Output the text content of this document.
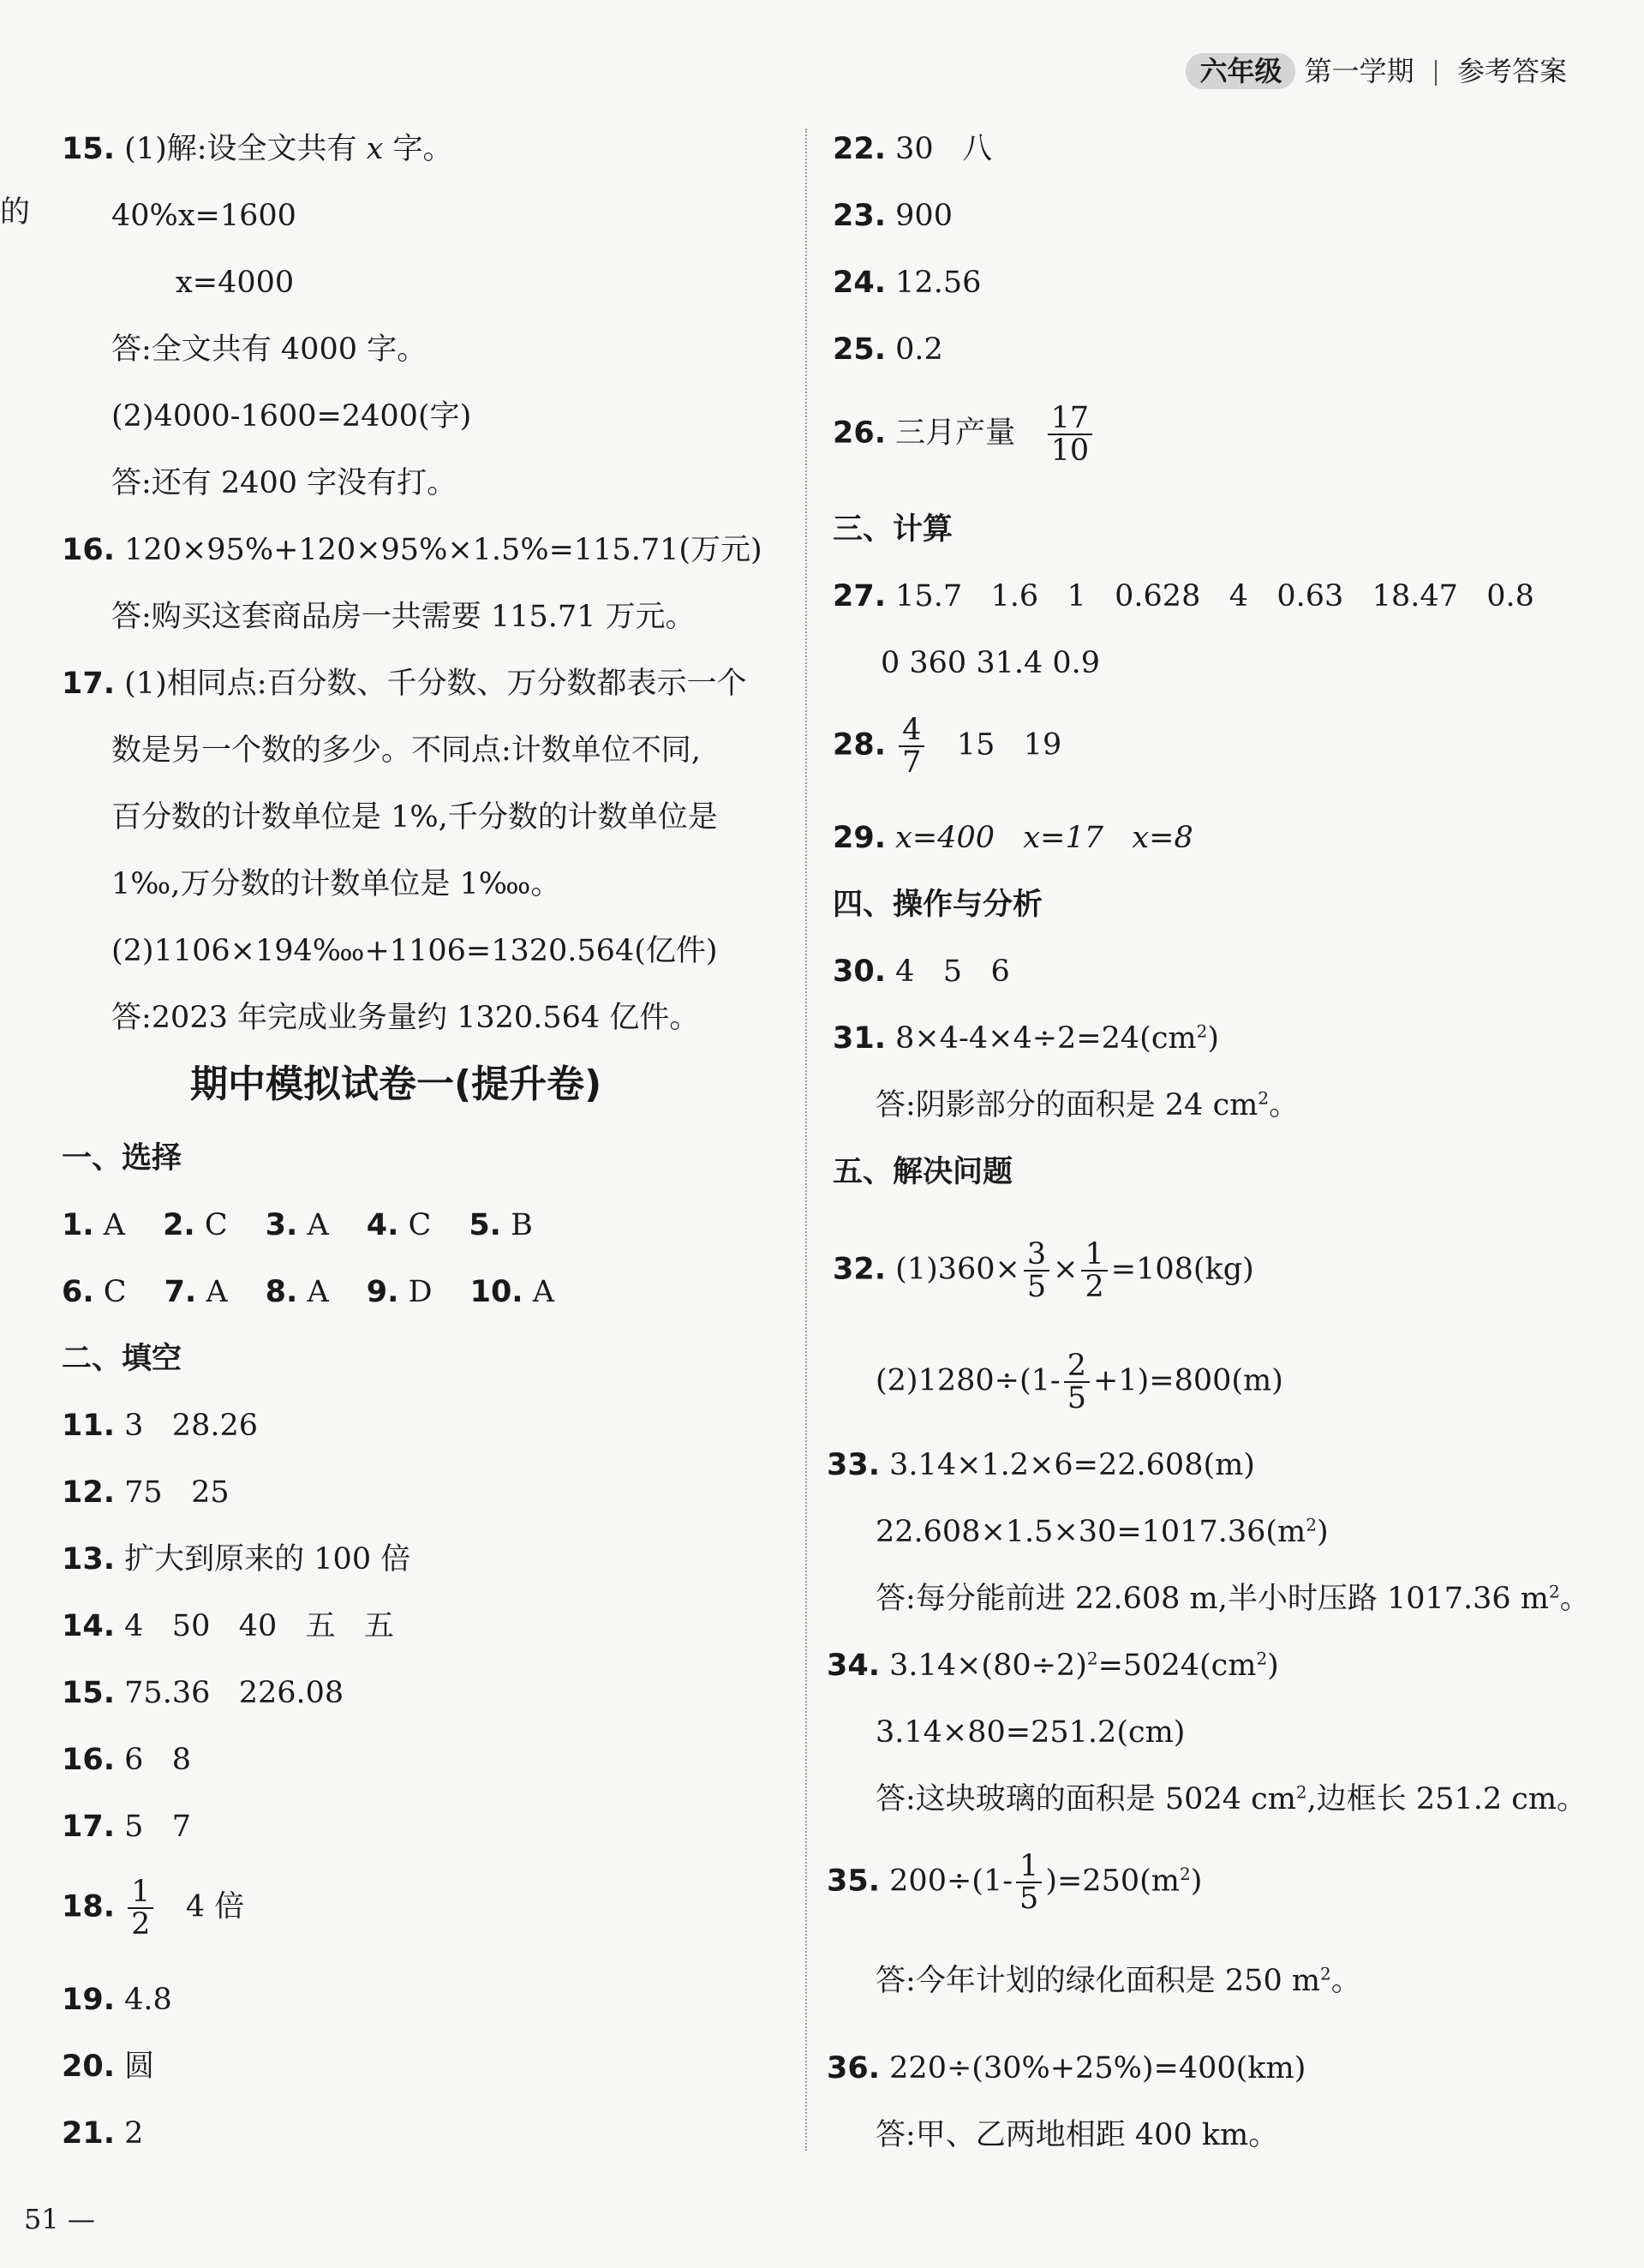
六年级 第一学期 参考答案
的
15. (1)解:设全文共有 x 字。
40%x=1600
x=4000
答:全文共有 4000 字。
(2)4000-1600=2400(字)
答:还有 2400 字没有打。
16. 120×95%+120×95%×1.5%=115.71(万元)
答:购买这套商品房一共需要 115.71 万元。
17. (1)相同点:百分数、千分数、万分数都表示一个
数是另一个数的多少。不同点:计数单位不同,
百分数的计数单位是 1%,千分数的计数单位是
1‰,万分数的计数单位是 1‱。
(2)1106×194‱+1106=1320.564(亿件)
答:2023 年完成业务量约 1320.564 亿件。
期中模拟试卷一(提升卷)
一、选择
1. A 2. C 3. A 4. C 5. B
6. C 7. A 8. A 9. D 10. A
二、填空
11. 3   28.26
12. 75   25
13. 扩大到原来的 100 倍
14. 4   50   40   五   五
15. 75.36   226.08
16. 6   8
17. 5   7
18. $\frac{1}{2} 4$ 倍
19. 4.8
20. 圆
21. 2
22. 30   八
23. 900
24. 12.56
25. 0.2
26. 三月产量 $\frac{17}{10}$
三、计算
27. 15.7   1.6   1   0.628   4   0.63   18.47   0.8
0 360 31.4 0.9
28. $\frac{4}{7} 15$   19
29. x=400   x=17   x=8
四、操作与分析
30. 4   5   6
31. $8\times 4-4\times 4\div 2=24(cm^2)$
答:阴影部分的面积是 24 $cm^2$。
五、解决问题
32. $(1)360\times \frac{3}{5} \times \frac{1}{2} =108(kg)$
$(2)1280\div(1- \frac{2}{5} +1)=800(m)$
33. 3.14×1.2×6=22.608(m)
$22.608\times 1.5\times 30=1017.36(m^2)$
答:每分能前进 22.608 m,半小时压路 1017.36 $m^2$。
34. $3.14\times(80\div 2)^2=5024(cm^2)$
3.14×80=251.2(cm)
答:这块玻璃的面积是 5024 $cm^2$,边框长 251.2 cm。
35. $200\div(1- \frac{1}{5} )=250(m^2)$
答:今年计划的绿化面积是 250 $m^2$。
36. 220÷(30%+25%)=400(km)
答:甲、乙两地相距 400 km。
51 —
